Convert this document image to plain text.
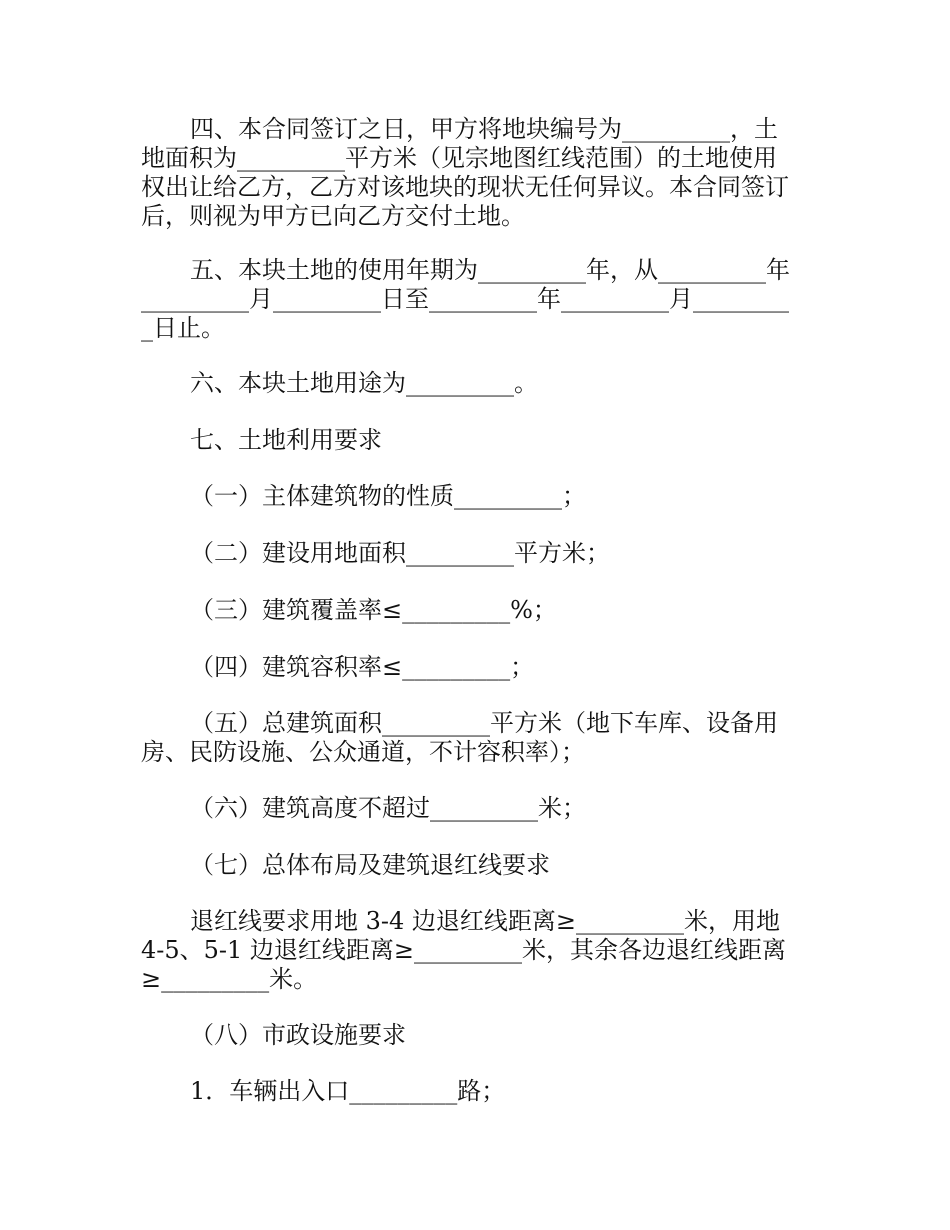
四、本合同签订之日，甲方将地块编号为_________，土
地面积为_________平方米（见宗地图红线范围）的土地使用
权出让给乙方，乙方对该地块的现状无任何异议。本合同签订
后，则视为甲方已向乙方交付土地。
五、本块土地的使用年期为_________年，从_________年
_________月_________日至_________年_________月________
_日止。
六、本块土地用途为_________。
七、土地利用要求
（一）主体建筑物的性质_________；
（二）建设用地面积_________平方米；
（三）建筑覆盖率≤_________%；
（四）建筑容积率≤_________；
（五）总建筑面积_________平方米（地下车库、设备用
房、民防设施、公众通道，不计容积率）；
（六）建筑高度不超过_________米；
（七）总体布局及建筑退红线要求
退红线要求用地 3-4 边退红线距离≥_________米，用地
4-5、5-1 边退红线距离≥_________米，其余各边退红线距离
≥_________米。
（八）市政设施要求
1．车辆出入口_________路；
